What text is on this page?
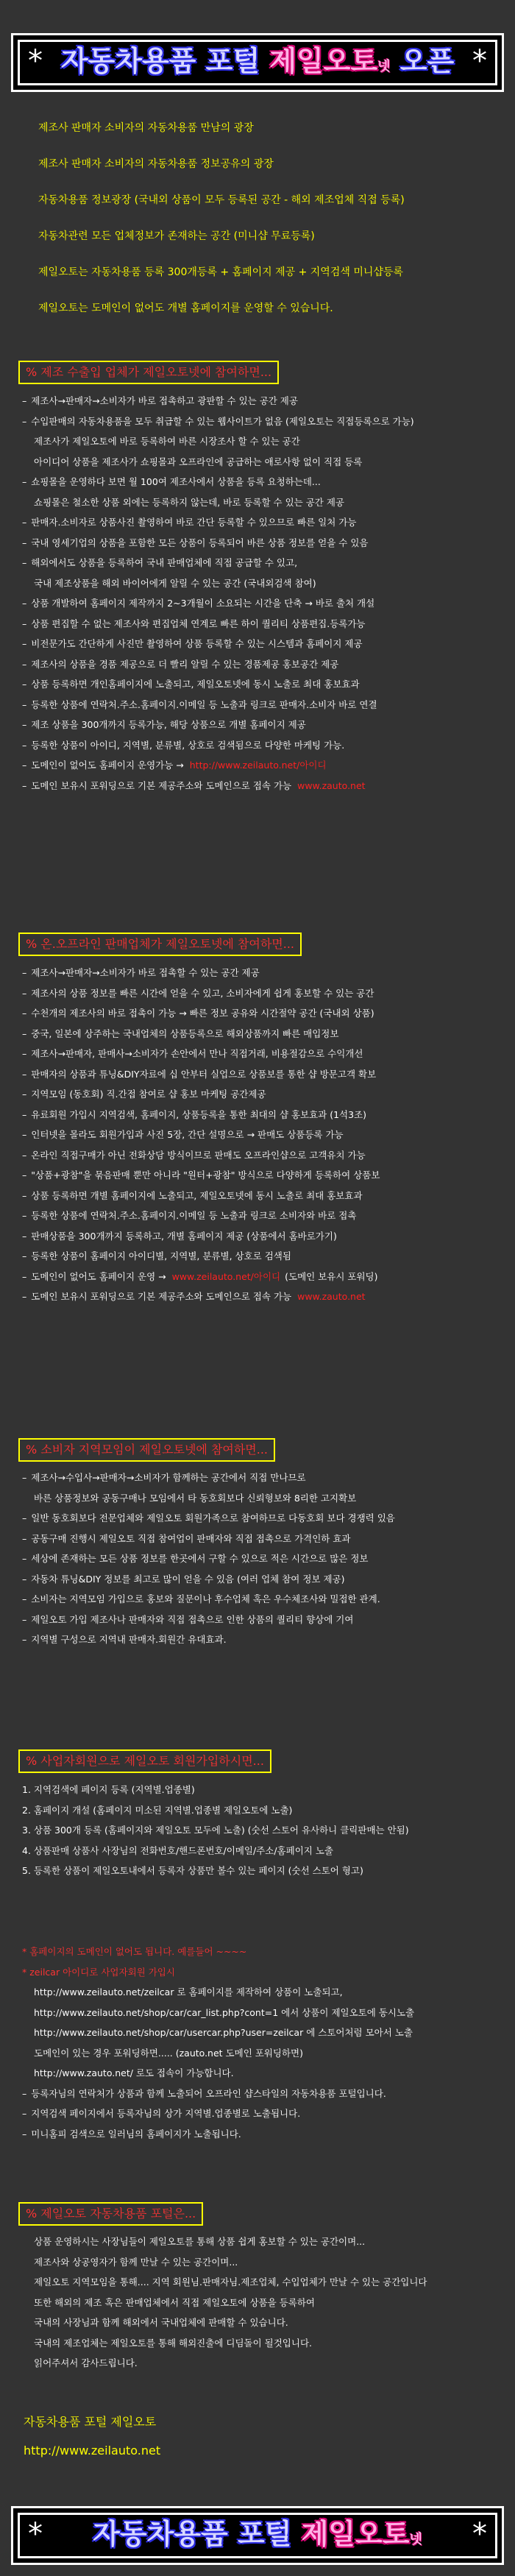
* 자동차용품 포털 제일오토넷 오픈 *

제조사 판매자 소비자의 자동차용품 만남의 광장

제조사 판매자 소비자의 자동차용품 정보공유의 광장

자동차용품 정보광장 (국내외 상품이 모두 등록된 공간 - 해외 제조업체 직접 등록)

자동차관련 모든 업체정보가 존재하는 공간 (미니샵 무료등록)

제일오토는 자동차용품 등록 300개등록 + 홈페이지 제공 + 지역검색 미니샵등록

제일오토는 도메인이 없어도 개별 홈페이지를 운영할 수 있습니다.

% 제조 수출입 업체가 제일오토넷에 참여하면...
– 제조사→판매자→소비자가 바로 접촉하고 광판할 수 있는 공간 제공
– 수입판매의 자동차용품을 모두 취급할 수 있는 웹사이트가 없음 (제일오토는 직접등록으로 가능)
제조사가 제일오토에 바로 등록하여 바른 시장조사 할 수 있는 공간
아이디어 상품을 제조사가 쇼핑몰과 오프라인에 공급하는 애로사항 없이 직접 등록
– 쇼핑몰을 운영하다 보면 월 100여 제조사에서 상품을 등록 요청하는데...
쇼핑몰은 철소한 상품 외에는 등록하지 않는데, 바로 등록할 수 있는 공간 제공
– 판매자.소비자로 상품사진 촬영하여 바로 간단 등록할 수 있으므로 빠른 일처 가능
– 국내 영세기업의 상품을 포함한 모든 상품이 등록되어 바른 상품 정보를 얻을 수 있음
– 해외에서도 상품을 등록하여 국내 판매업체에 직접 공급할 수 있고,
국내 제조상품을 해외 바이어에게 알릴 수 있는 공간 (국내외검색 참여)
– 상품 개발하여 홈페이지 제작까지 2~3개월이 소요되는 시간을 단축 → 바로 출처 개설
– 상품 편집할 수 없는 제조사와 편집업체 연계로 빠른 하이 퀄리티 상품편집.등록가능
– 비전문가도 간단하게 사진만 촬영하여 상품 등록할 수 있는 시스템과 홈페이지 제공
– 제조사의 상품을 경품 제공으로 더 빨리 알릴 수 있는 경품제공 홍보공간 제공
– 상품 등록하면 개인홈페이지에 노출되고, 제일오토넷에 동시 노출로 최대 홍보효과
– 등록한 상품에 연락처.주소.홈페이지.이메일 등 노출과 링크로 판매자.소비자 바로 연결
– 제조 상품을 300개까지 등록가능, 해당 상품으로 개별 홈페이지 제공
– 등록한 상품이 아이디, 지역별, 분류별, 상호로 검색됨으로 다양한 마케팅 가능.
– 도메인이 없어도 홈페이지 운영가능 → http://www.zeilauto.net/아이디
– 도메인 보유시 포워딩으로 기본 제공주소와 도메인으로 접속 가능 www.zauto.net
% 온.오프라인 판매업체가 제일오토넷에 참여하면...
– 제조사→판매자→소비자가 바로 접촉할 수 있는 공간 제공
– 제조사의 상품 정보를 빠른 시간에 얻을 수 있고, 소비자에게 쉽게 홍보할 수 있는 공간
– 수천개의 제조사의 바로 접촉이 가능 → 빠른 정보 공유와 시간절약 공간 (국내외 상품)
– 중국, 일본에 상주하는 국내업체의 상품등록으로 해외상품까지 빠른 매입정보
– 제조사→판매자, 판매사→소비자가 손안에서 만나 직접거래, 비용절감으로 수익개선
– 판매자의 상품과 튜닝&DIY자료에 십 안부터 실업으로 상품보를 통한 샵 방문고객 확보
– 지역모임 (동호회) 직.간접 참여로 샵 홍보 마케팅 공간제공
– 유료회원 가입시 지역검색, 홈페이지, 상품등록을 통한 최대의 샵 홍보효과 (1석3조)
– 인터넷을 몰라도 회원가입과 사진 5장, 간단 설명으로 → 판매도 상품등록 가능
– 온라인 직접구매가 아닌 전화상담 방식이므로 판매도 오프라인샵으로 고객유치 가능
– "상품+광참"을 묶음판매 뿐만 아니라 "원터+광참" 방식으로 다양하게 등록하여 상품보
– 상품 등록하면 개별 홈페이지에 노출되고, 제일오토넷에 동시 노출로 최대 홍보효과
– 등록한 상품에 연락처.주소.홈페이지.이메일 등 노출과 링크로 소비자와 바로 접촉
– 판매상품을 300개까지 등록하고, 개별 홈페이지 제공 (상품에서 홈바로가기)
– 등록한 상품이 홈페이지 아이디별, 지역별, 분류별, 상호로 검색됨
– 도메인이 없어도 홈페이지 운영 → www.zeilauto.net/아이디 (도메인 보유시 포워딩)
– 도메인 보유시 포워딩으로 기본 제공주소와 도메인으로 접속 가능 www.zauto.net
% 소비자 지역모임이 제일오토넷에 참여하면...
– 제조사→수입사→판매자→소비자가 함께하는 공간에서 직접 만나므로
바른 상품정보와 공동구매나 모임에서 타 동호회보다 신뢰형보와 8리한 고지확보
– 일반 동호회보다 전문업체와 제일오토 회원가족으로 참여하므로 다동호회 보다 경쟁력 있음
– 공동구매 진행시 제일오토 직접 참여업이 판매자와 직접 접촉으로 가격인하 효과
– 세상에 존재하는 모든 상품 정보를 한곳에서 구할 수 있으로 적은 시간으로 많은 정보
– 자동차 튜닝&DIY 정보를 최고로 많이 얻을 수 있음 (여러 업체 참여 정보 제공)
– 소비자는 지역모임 가입으로 홍보와 질문이나 후수업체 혹은 우수체조사와 밀접한 관계.
– 제일오토 가입 제조사나 판매자와 직접 접촉으로 인한 상품의 퀄리티 향상에 기여
– 지역별 구성으로 지역내 판매자.회원간 유대효과.
% 사업자회원으로 제일오토 회원가입하시면...
1. 지역검색에 페이지 등록 (지역별.업종별)
2. 홈페이지 개설 (홈페이지 미소된 지역별.업종별 제일오토에 노출)
3. 상품 300개 등록 (홈페이지와 제일오토 모두에 노출) (숫선 스토어 유사하니 클릭판매는 안됨)
4. 상품판매 상품사 사장님의 전화번호/핸드폰번호/이메일/주소/홈페이지 노출
5. 등록한 상품이 제일오토내에서 등록자 상품만 볼수 있는 페이지 (숫선 스토어 형고)
* 홈페이지의 도메인이 없어도 됩니다. 예를들어 ~~~~
* zeilcar 아이디로 사업자회원 가입시
http://www.zeilauto.net/zeilcar 로 홈페이지를 제작하여 상품이 노출되고,
http://www.zeilauto.net/shop/car/car_list.php?cont=1 에서 상품이 제일오토에 동시노출
http://www.zeilauto.net/shop/car/usercar.php?user=zeilcar 에 스토어처럼 모아서 노출
도메인이 있는 경우 포워딩하면..... (zauto.net 도메인 포워딩하면)
http://www.zauto.net/ 로도 접속이 가능합니다.
– 등록자님의 연락처가 상품과 함께 노출되어 오프라인 샵스타일의 자동차용품 포털입니다.
– 지역검색 페이지에서 등록자님의 상가 지역별.업종별로 노출됩니다.
– 미니홈피 검색으로 일러님의 홈페이지가 노출됩니다.
% 제일오토 자동차용품 포털은...
상품 운영하시는 사장님들이 제일오토를 통해 상품 쉽게 홍보할 수 있는 공간이며...
제조사와 상공영자가 함께 만날 수 있는 공간이며...
제일오토 지역모임을 통해.... 지역 회원님.판매자님.제조업체, 수입업체가 만날 수 있는 공간입니다
또한 해외의 제조 혹은 판매업체에서 직접 제일오토에 상품을 등록하여
국내의 사장님과 함께 해외에서 국내업체에 판매할 수 있습니다.
국내의 제조업체는 제일오토를 통해 해외진출에 디딤돌이 될것입니다.
읽어주셔서 감사드립니다.
자동차용품 포털 제일오토
http://www.zeilauto.net
*	자동차용품 포털 제일오토넷	*
